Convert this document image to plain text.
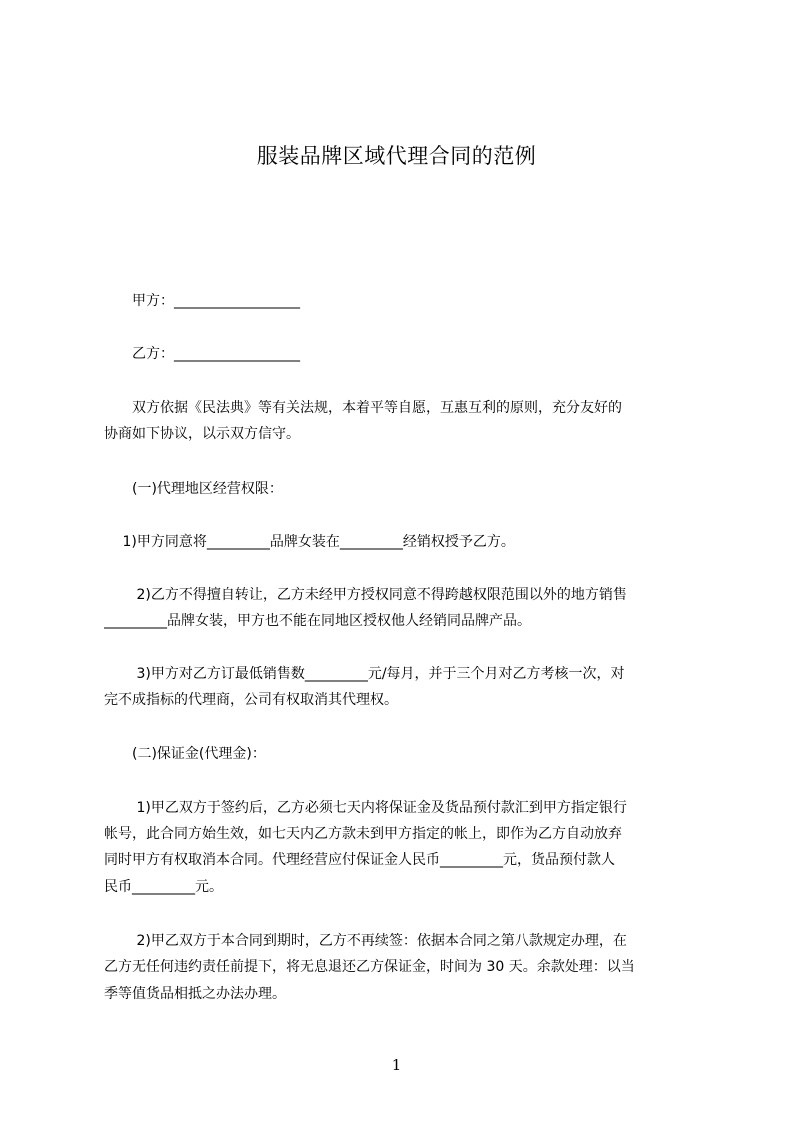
服装品牌区域代理合同的范例
　　甲方：__________________
　　乙方：__________________
　　双方依据《民法典》等有关法规，本着平等自愿，互惠互利的原则，充分友好的
协商如下协议，以示双方信守。
　　(一)代理地区经营权限：
　 1)甲方同意将_________品牌女装在_________经销权授予乙方。
　　 2)乙方不得擅自转让，乙方未经甲方授权同意不得跨越权限范围以外的地方销售
_________品牌女装，甲方也不能在同地区授权他人经销同品牌产品。
　　 3)甲方对乙方订最低销售数_________元/每月，并于三个月对乙方考核一次，对
完不成指标的代理商，公司有权取消其代理权。
　　(二)保证金(代理金)：
　　 1)甲乙双方于签约后，乙方必须七天内将保证金及货品预付款汇到甲方指定银行
帐号，此合同方始生效，如七天内乙方款未到甲方指定的帐上，即作为乙方自动放弃
同时甲方有权取消本合同。代理经营应付保证金人民币_________元，货品预付款人
民币_________元。
　　 2)甲乙双方于本合同到期时，乙方不再续签：依据本合同之第八款规定办理，在
乙方无任何违约责任前提下，将无息退还乙方保证金，时间为 30 天。余款处理：以当
季等值货品相抵之办法办理。
1
